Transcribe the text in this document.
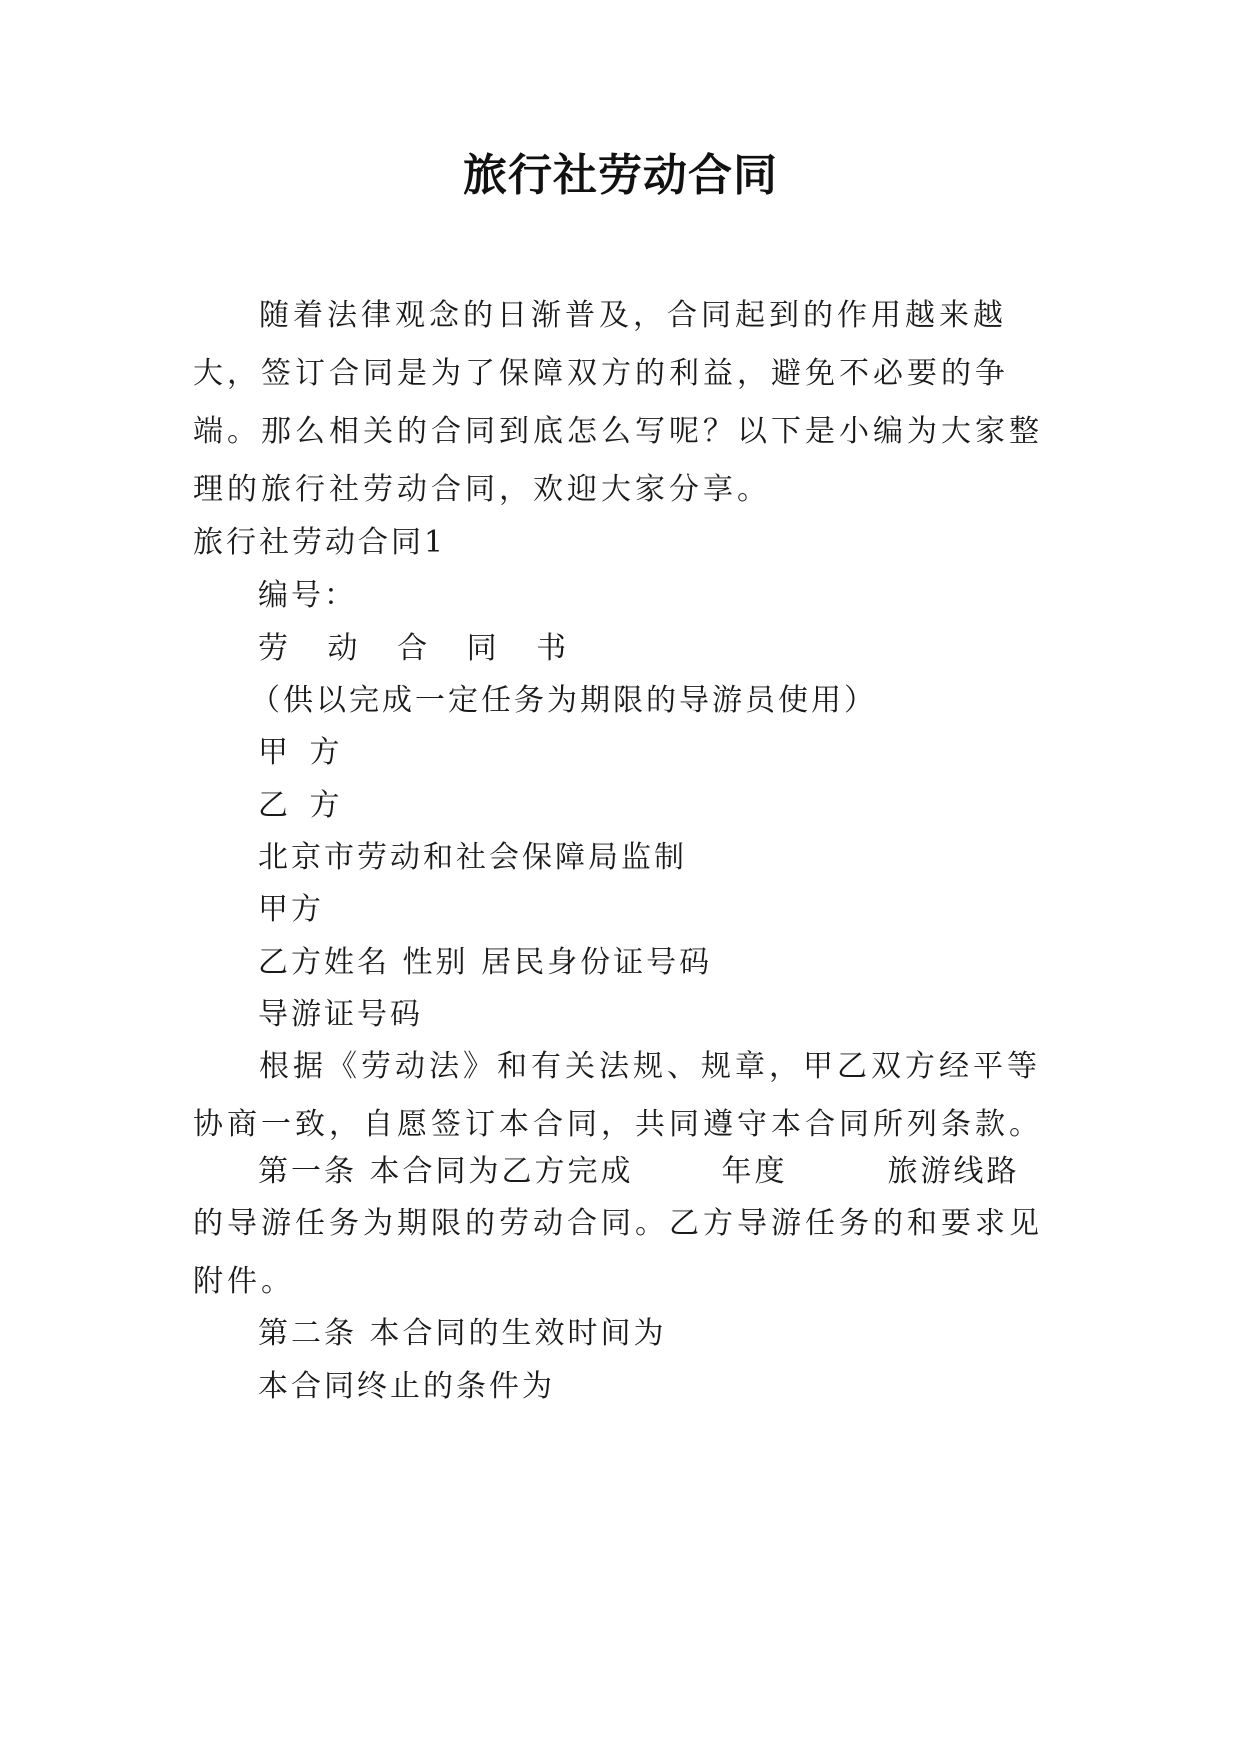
旅行社劳动合同

随着法律观念的日渐普及，合同起到的作用越来越大，签订合同是为了保障双方的利益，避免不必要的争端。那么相关的合同到底怎么写呢？以下是小编为大家整理的旅行社劳动合同，欢迎大家分享。

旅行社劳动合同1
编号：
劳 动 合 同 书
（供以完成一定任务为期限的导游员使用）
甲 方
乙 方
北京市劳动和社会保障局监制
甲方
乙方姓名 性别 居民身份证号码
导游证号码

根据《劳动法》和有关法规、规章，甲乙双方经平等协商一致，自愿签订本合同，共同遵守本合同所列条款。

第一条 本合同为乙方完成	年度	旅游线路

的导游任务为期限的劳动合同。乙方导游任务的和要求见附件。

第二条 本合同的生效时间为
本合同终止的条件为
